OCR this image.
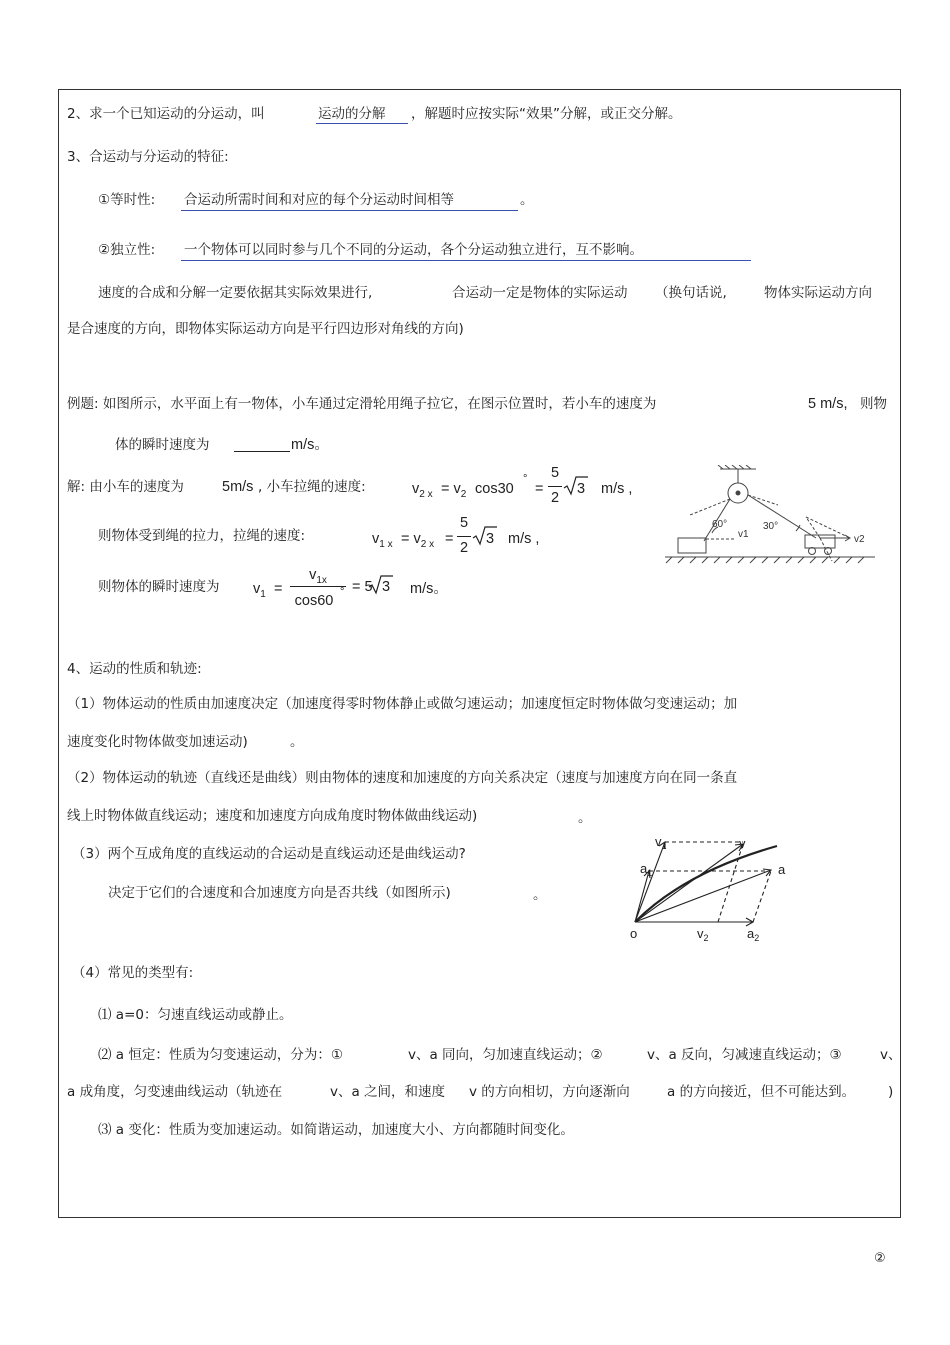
2、求一个已知运动的分运动，叫	运动的分解 ，解题时应按实际“效果”分解，或正交分解。
3、合运动与分运动的特征:
①等时性: 合运动所需时间和对应的每个分运动时间相等	。
②独立性: 一个物体可以同时参与几个不同的分运动，各个分运动独立进行，互不影响。
速度的合成和分解一定要依据其实际效果进行,	合运动一定是物体的实际运动 （换句话说,	物体实际运动方向
是合速度的方向，即物体实际运动方向是平行四边形对角线的方向)
例题: 如图所示，水平面上有一物体，小车通过定滑轮用绳子拉它，在图示位置时，若小车的速度为	5 m/s, 则物
体的瞬时速度为	m/s。
解: 由小车的速度为	5m/s , 小车拉绳的速度:	$v_{2 x} = v_2$ cos30
°
=
5
2
3 m/s ,
则物体受到绳的拉力，拉绳的速度:	$v_{1 x} = v_{2 x}$ =
5
2
3 m/s ,
则物体的瞬时速度为 $v_1$ =
$v_{1x}$
cos60
° = 5 3 m/s。
60°	30°
v1	v2
4、运动的性质和轨迹:
（1）物体运动的性质由加速度决定（加速度得零时物体静止或做匀速运动；加速度恒定时物体做匀变速运动；加
速度变化时物体做变加速运动)	。
（2）物体运动的轨迹（直线还是曲线）则由物体的速度和加速度的方向关系决定（速度与加速度方向在同一条直
线上时物体做直线运动；速度和加速度方向成角度时物体做曲线运动)	。
（3）两个互成角度的直线运动的合运动是直线运动还是曲线运动?
决定于它们的合速度和合加速度方向是否共线（如图所示)	。
$v_1$	v
$a_1$	a
o	$v_2$	$a_2$
（4）常见的类型有:
⑴ a=0：匀速直线运动或静止。
⑵ a 恒定：性质为匀变速运动，分为：①	v、a 同向，匀加速直线运动；②	v、a 反向，匀减速直线运动；③	v、
a 成角度，匀变速曲线运动（轨迹在	v、a 之间，和速度 v 的方向相切，方向逐渐向	a 的方向接近，但不可能达到。 )
⑶ a 变化：性质为变加速运动。如简谐运动，加速度大小、方向都随时间变化。
②
